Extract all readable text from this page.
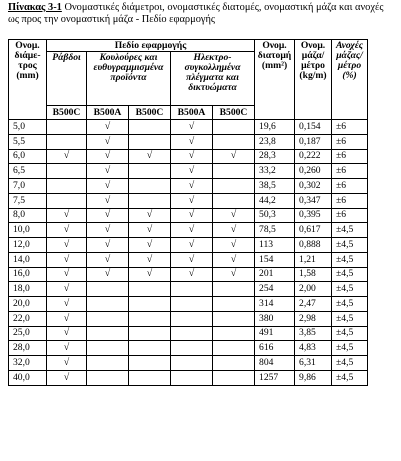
Πίνακας 3-1 Ονομαστικές διάμετροι, ονομαστικές διατομές, ονομαστική μάζα και ανοχές ως προς την ονομαστική μάζα - Πεδίο εφαρμογής
Ονομ. διάμε-τρος (mm)	Πεδίο εφαρμογής					Ονομ. διατομή (mm²)	Ονομ. μάζα/ μέτρο (kg/m)	Ανοχές μάζας/ μέτρο (%)
	Ράβδοι	Κουλούρες και ευθυγραμμισμένα προϊόντα		Ηλεκτρο-συγκολλημένα πλέγματα και δικτυώματα				
	B500C	B500A	B500C	B500A	B500C			
5,0		√		√		19,6	0,154	±6
5,5		√		√		23,8	0,187	±6
6,0	√	√	√	√	√	28,3	0,222	±6
6,5		√		√		33,2	0,260	±6
7,0		√		√		38,5	0,302	±6
7,5		√		√		44,2	0,347	±6
8,0	√	√	√	√	√	50,3	0,395	±6
10,0	√	√	√	√	√	78,5	0,617	±4,5
12,0	√	√	√	√	√	113	0,888	±4,5
14,0	√	√	√	√	√	154	1,21	±4,5
16,0	√	√	√	√	√	201	1,58	±4,5
18,0	√					254	2,00	±4,5
20,0	√					314	2,47	±4,5
22,0	√					380	2,98	±4,5
25,0	√					491	3,85	±4,5
28,0	√					616	4,83	±4,5
32,0	√					804	6,31	±4,5
40,0	√					1257	9,86	±4,5
